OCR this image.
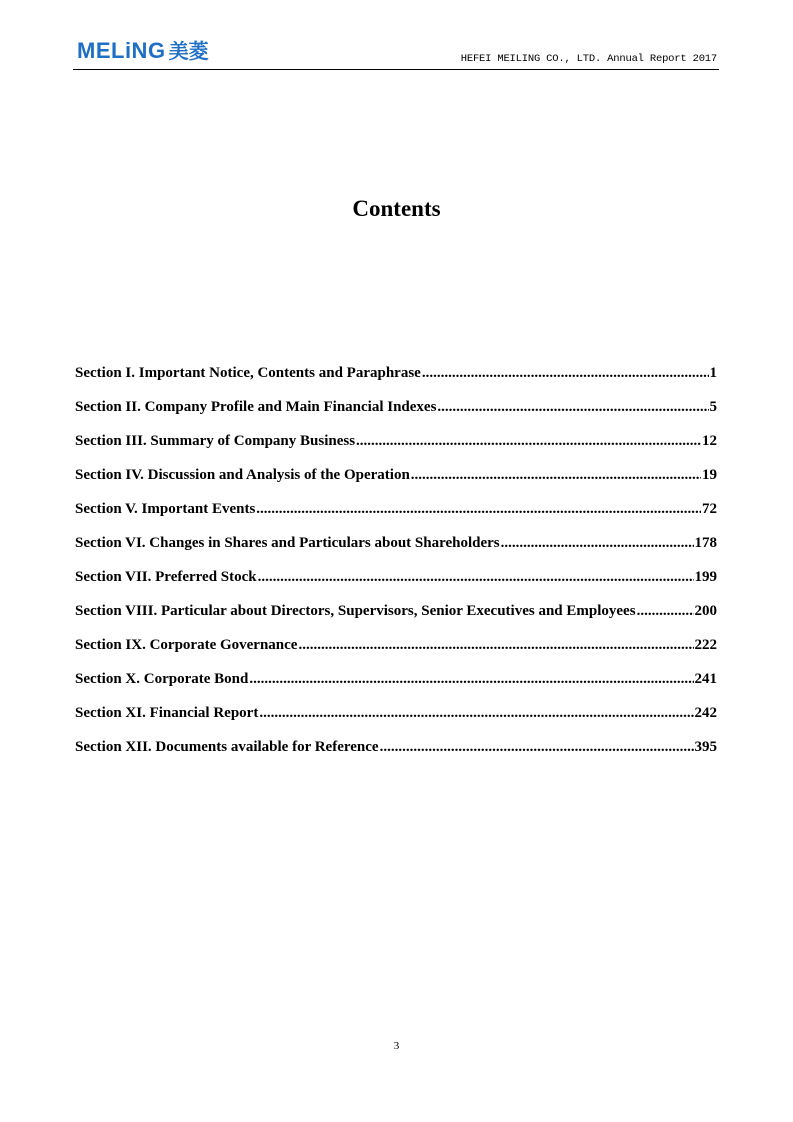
MELiNG 美菱	HEFEI MEILING CO., LTD. Annual Report 2017
Contents
Section I. Important Notice, Contents and Paraphrase .....	1
Section II. Company Profile and Main Financial Indexes .....	5
Section III. Summary of Company Business .....	12
Section IV. Discussion and Analysis of the Operation .....	19
Section V. Important Events .....	72
Section VI. Changes in Shares and Particulars about Shareholders .....	178
Section VII. Preferred Stock .....	199
Section VIII. Particular about Directors, Supervisors, Senior Executives and Employees .....	200
Section IX. Corporate Governance .....	222
Section X. Corporate Bond .....	241
Section XI. Financial Report .....	242
Section XII. Documents available for Reference .....	395
3
